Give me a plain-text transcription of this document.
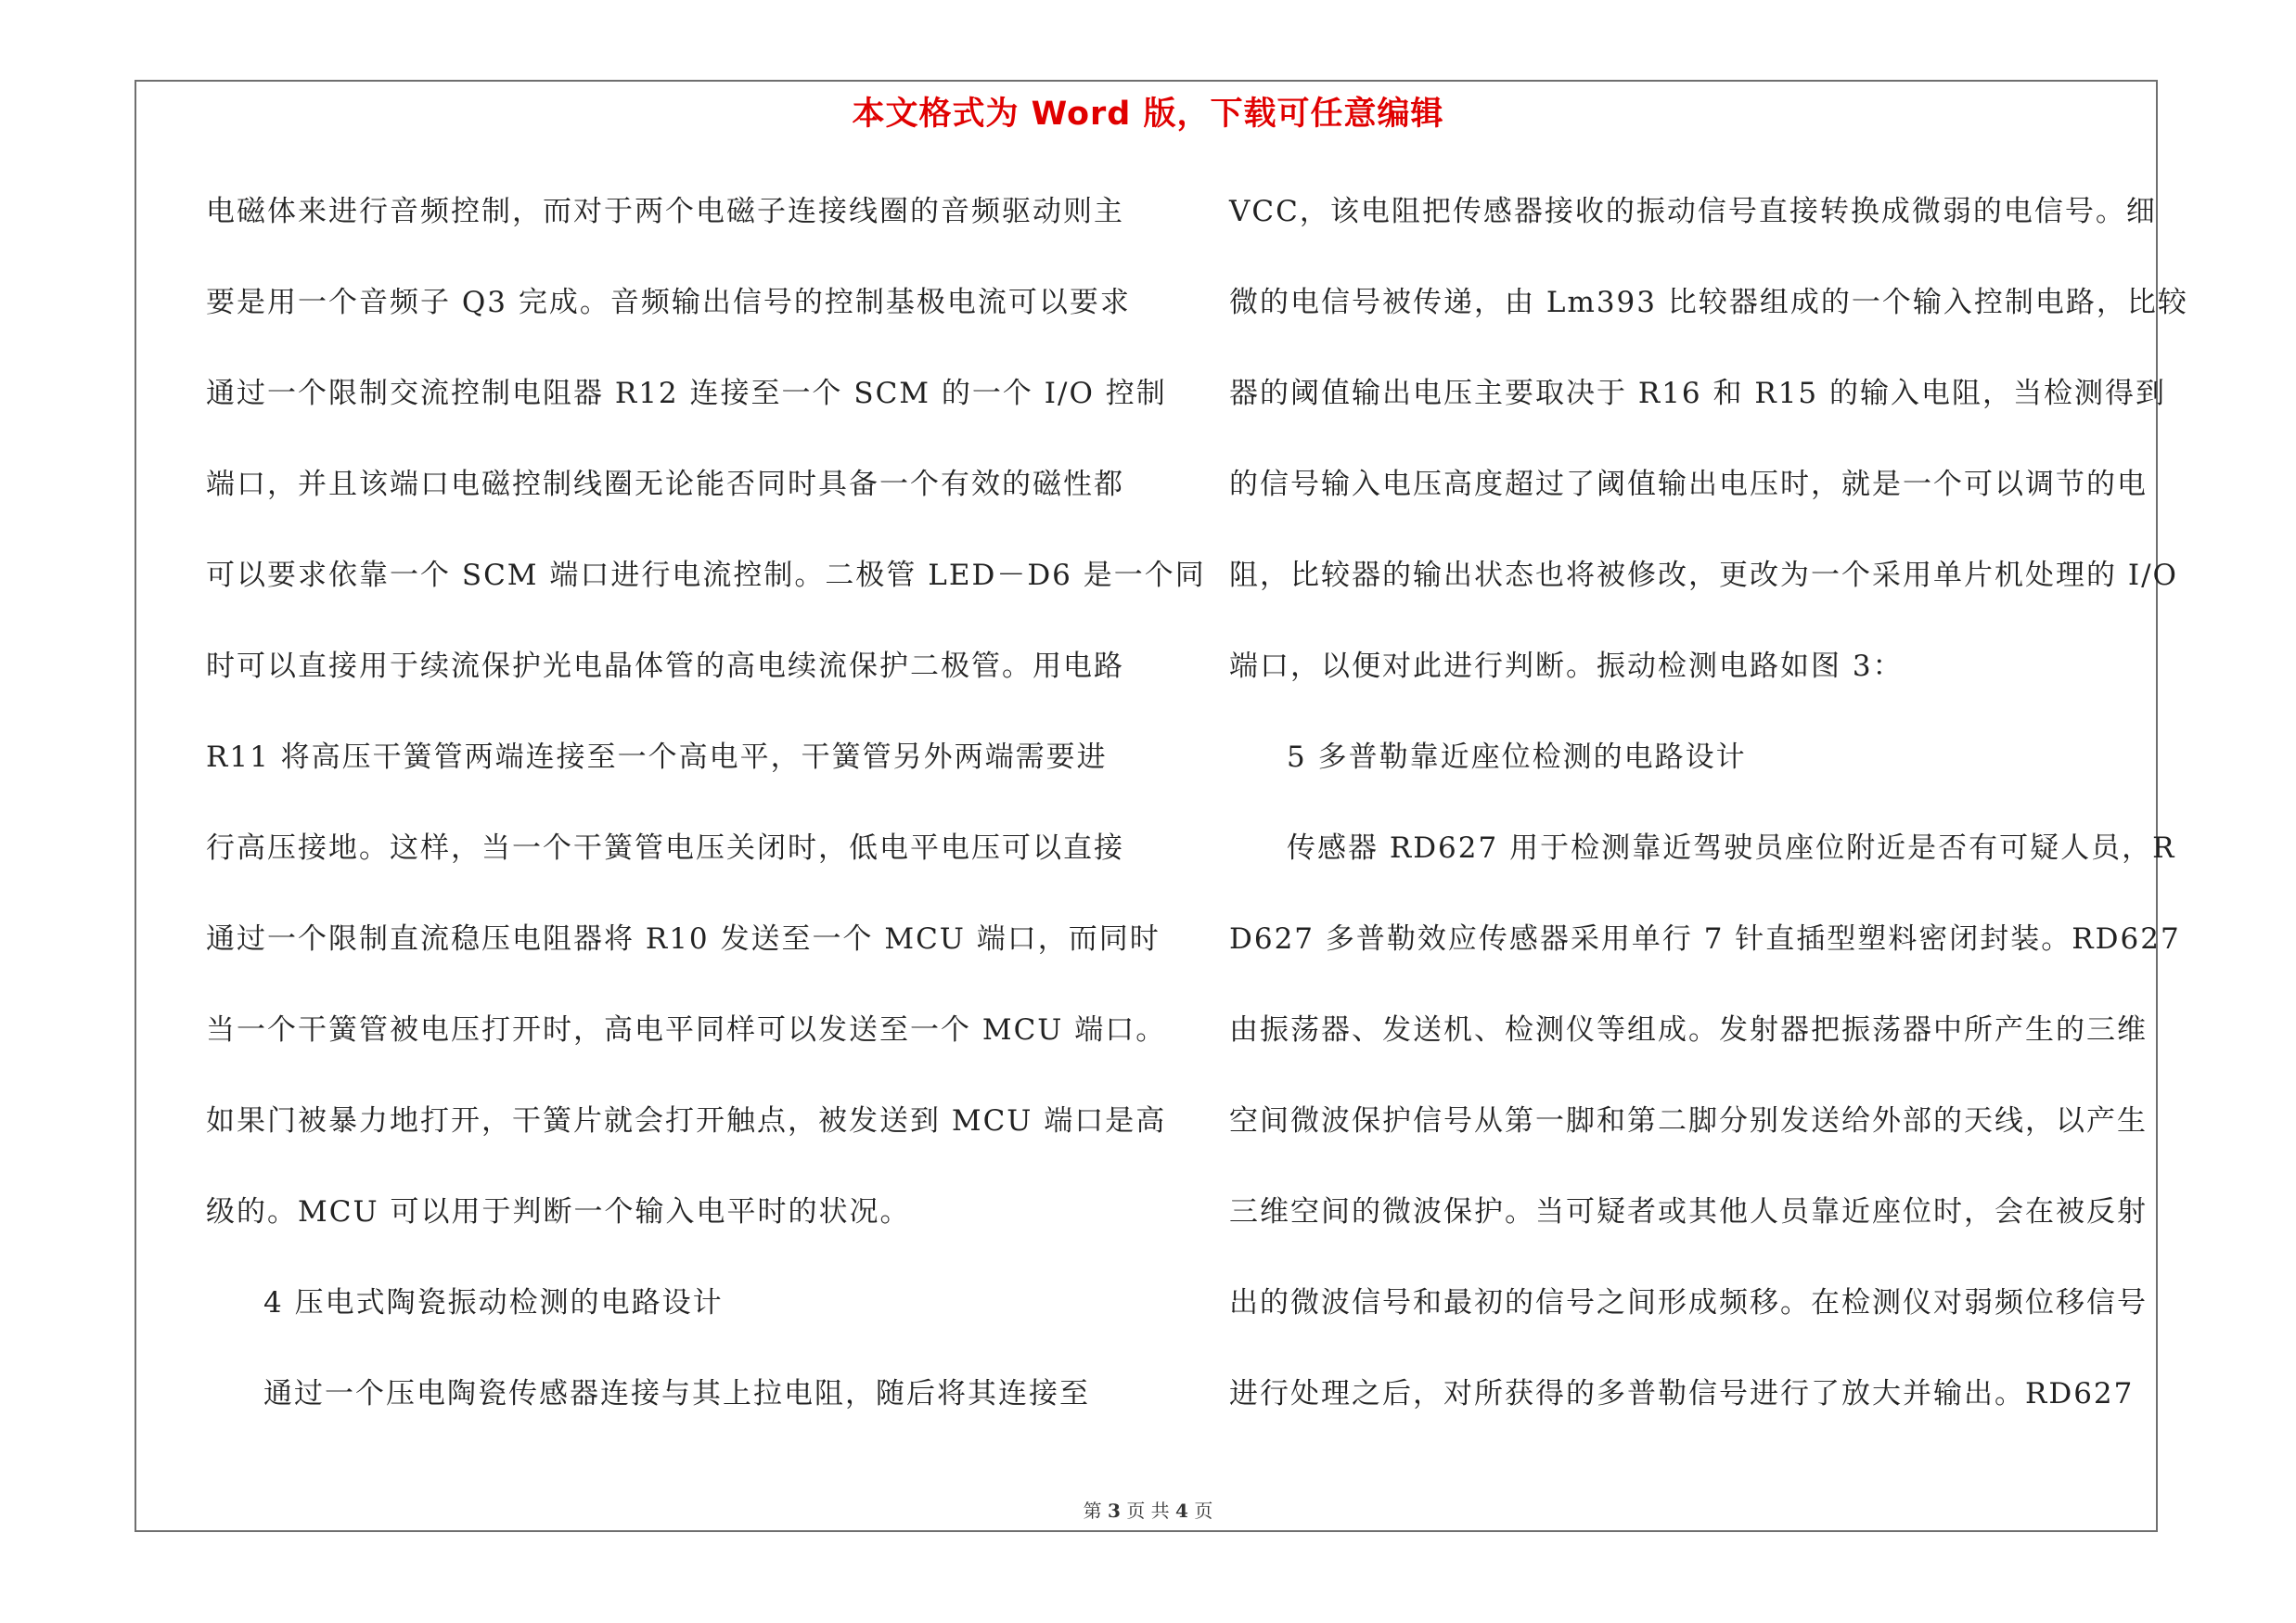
本文格式为 Word 版，下载可任意编辑
电磁体来进行音频控制，而对于两个电磁子连接线圈的音频驱动则主
要是用一个音频子 Q3 完成。音频输出信号的控制基极电流可以要求
通过一个限制交流控制电阻器 R12 连接至一个 SCM 的一个 I/O 控制
端口，并且该端口电磁控制线圈无论能否同时具备一个有效的磁性都
可以要求依靠一个 SCM 端口进行电流控制。二极管 LED－D6 是一个同
时可以直接用于续流保护光电晶体管的高电续流保护二极管。用电路
R11 将高压干簧管两端连接至一个高电平，干簧管另外两端需要进
行高压接地。这样，当一个干簧管电压关闭时，低电平电压可以直接
通过一个限制直流稳压电阻器将 R10 发送至一个 MCU 端口，而同时
当一个干簧管被电压打开时，高电平同样可以发送至一个 MCU 端口。
如果门被暴力地打开，干簧片就会打开触点，被发送到 MCU 端口是高
级的。MCU 可以用于判断一个输入电平时的状况。
4 压电式陶瓷振动检测的电路设计
通过一个压电陶瓷传感器连接与其上拉电阻，随后将其连接至
VCC，该电阻把传感器接收的振动信号直接转换成微弱的电信号。细
微的电信号被传递，由 Lm393 比较器组成的一个输入控制电路，比较
器的阈值输出电压主要取决于 R16 和 R15 的输入电阻，当检测得到
的信号输入电压高度超过了阈值输出电压时，就是一个可以调节的电
阻，比较器的输出状态也将被修改，更改为一个采用单片机处理的 I/O
端口，以便对此进行判断。振动检测电路如图 3：
5 多普勒靠近座位检测的电路设计
传感器 RD627 用于检测靠近驾驶员座位附近是否有可疑人员，R
D627 多普勒效应传感器采用单行 7 针直插型塑料密闭封装。RD627
由振荡器、发送机、检测仪等组成。发射器把振荡器中所产生的三维
空间微波保护信号从第一脚和第二脚分别发送给外部的天线，以产生
三维空间的微波保护。当可疑者或其他人员靠近座位时，会在被反射
出的微波信号和最初的信号之间形成频移。在检测仪对弱频位移信号
进行处理之后，对所获得的多普勒信号进行了放大并输出。RD627
第 3 页 共 4 页
